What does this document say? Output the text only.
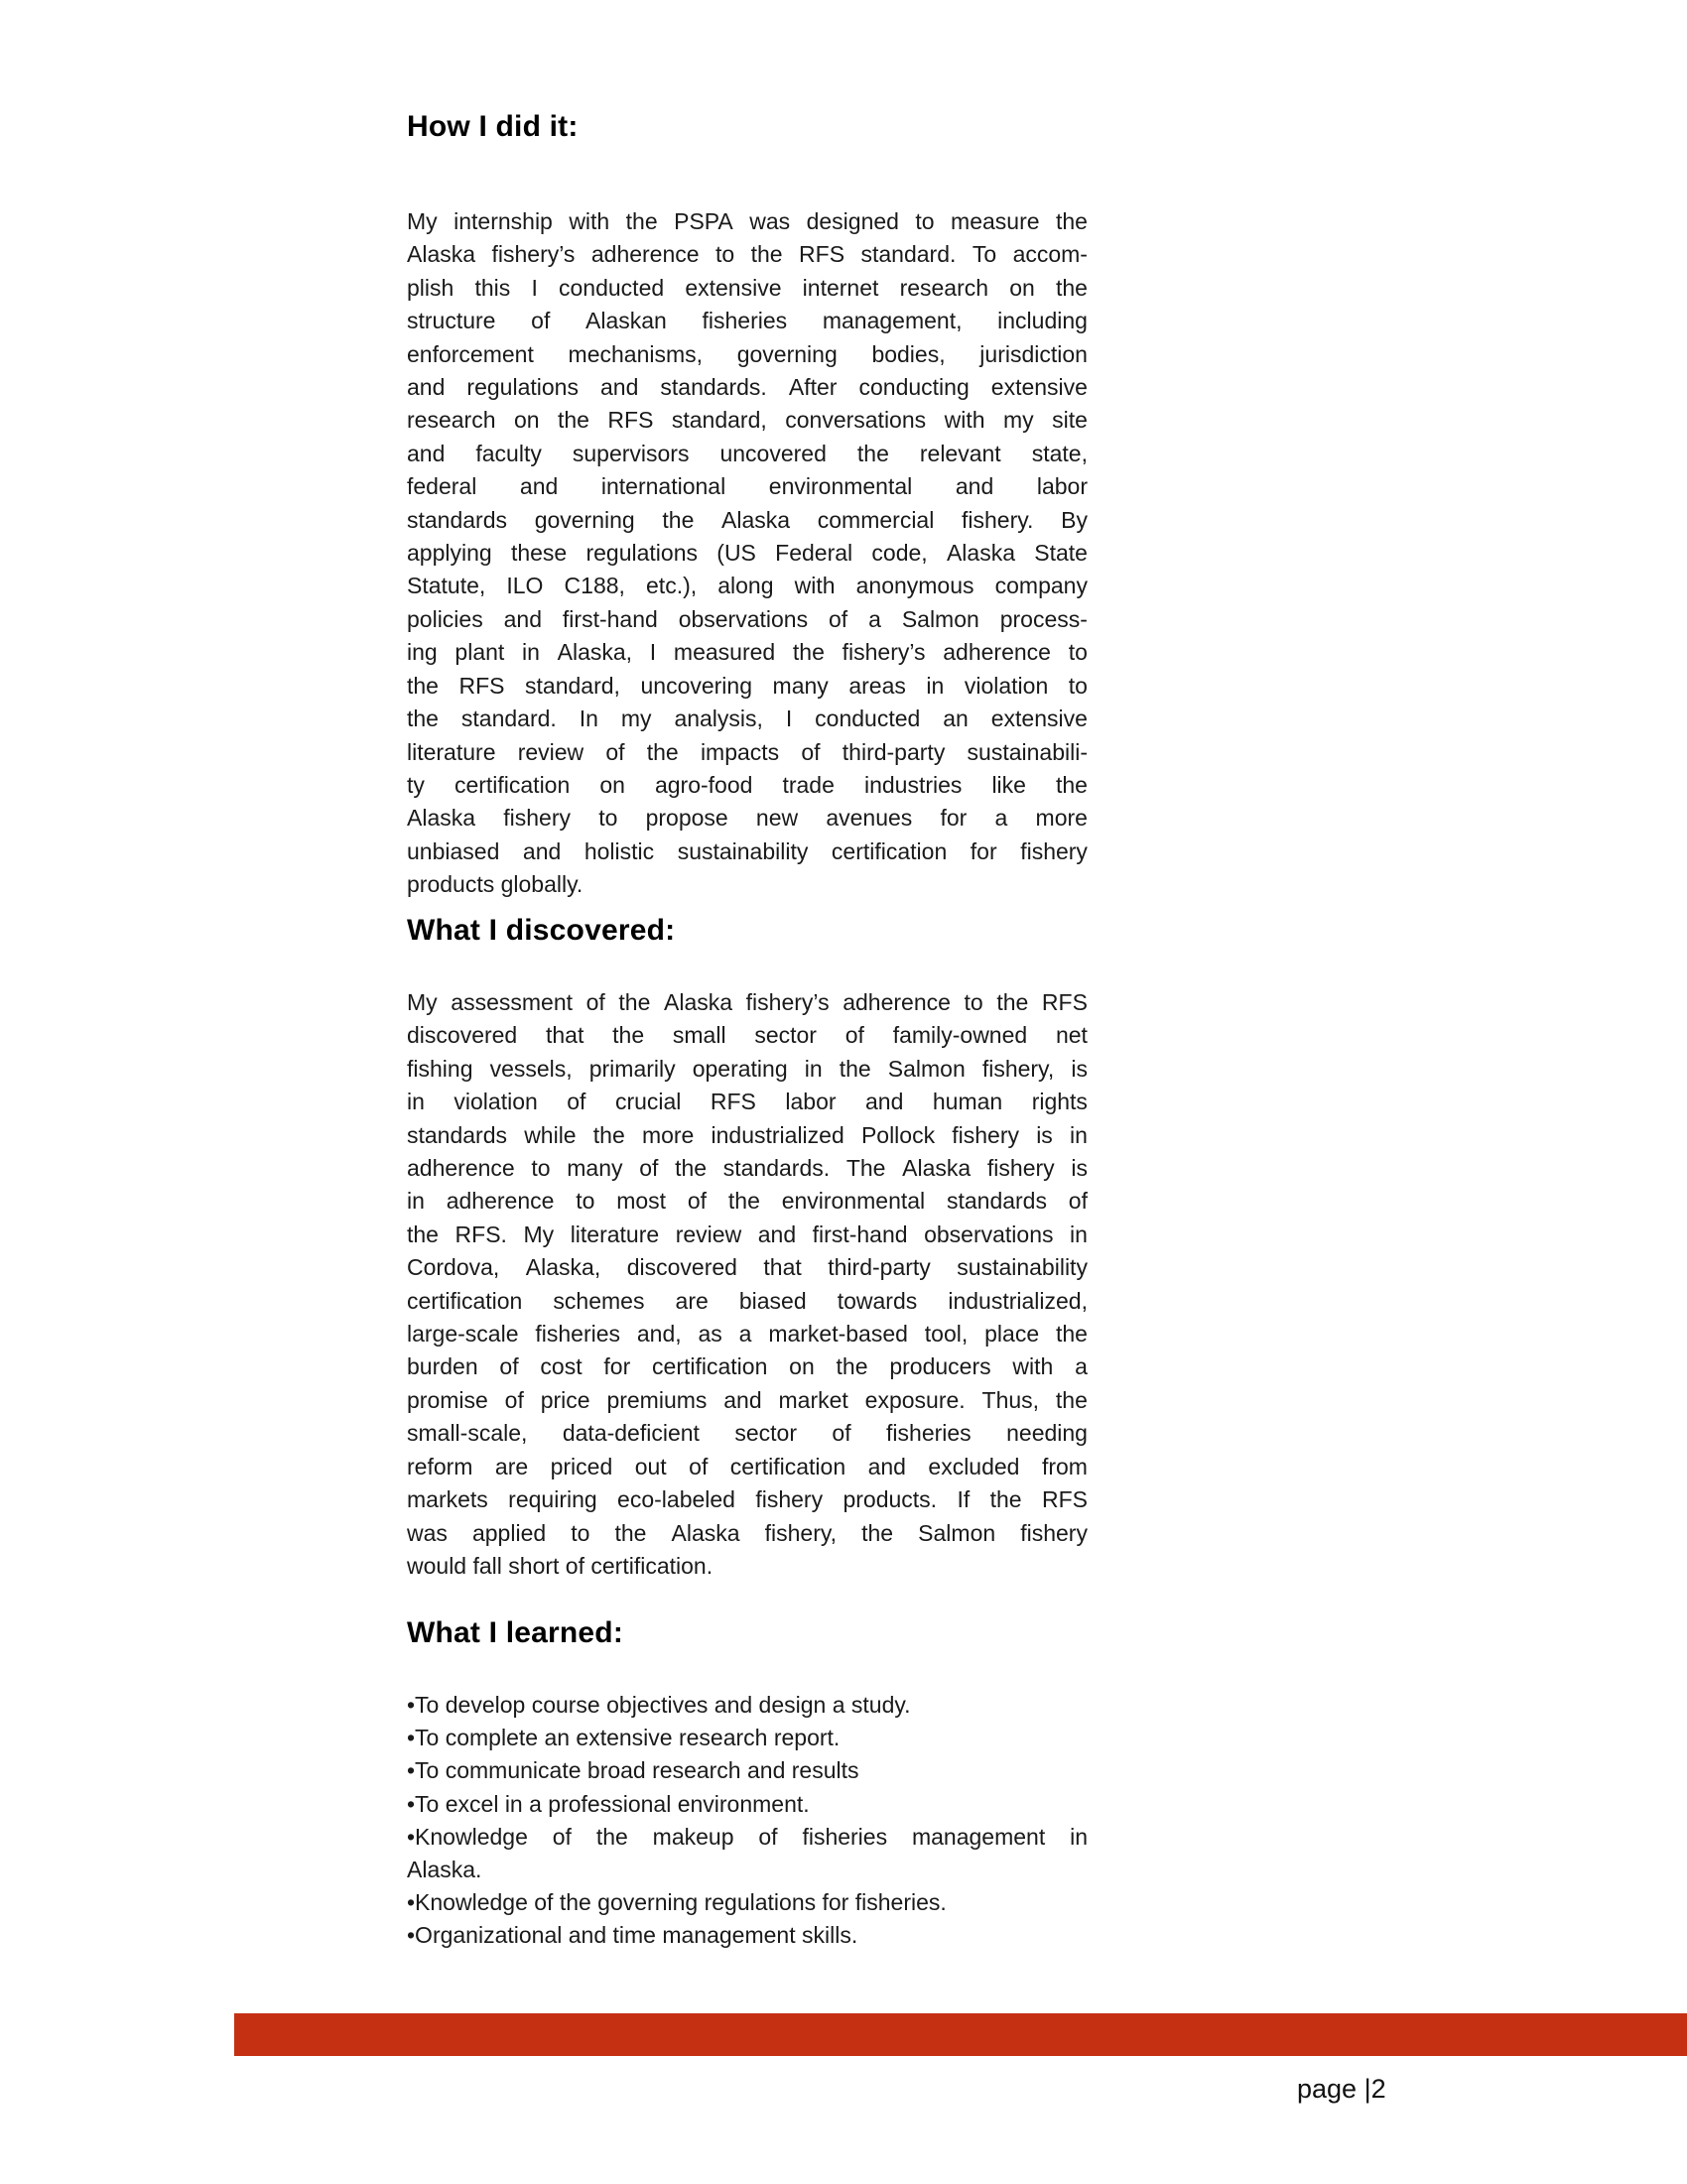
How I did it:
My internship with the PSPA was designed to measure the
Alaska fishery’s adherence to the RFS standard. To accom-
plish this I conducted extensive internet research on the
structure of Alaskan fisheries management, including
enforcement mechanisms, governing bodies, jurisdiction
and regulations and standards. After conducting extensive
research on the RFS standard, conversations with my site
and faculty supervisors uncovered the relevant state,
federal and international environmental and labor
standards governing the Alaska commercial fishery. By
applying these regulations (US Federal code, Alaska State
Statute, ILO C188, etc.), along with anonymous company
policies and first-hand observations of a Salmon process-
ing plant in Alaska, I measured the fishery’s adherence to
the RFS standard, uncovering many areas in violation to
the standard. In my analysis, I conducted an extensive
literature review of the impacts of third-party sustainabili-
ty certification on agro-food trade industries like the
Alaska fishery to propose new avenues for a more
unbiased and holistic sustainability certification for fishery
products globally.
What I discovered:
My assessment of the Alaska fishery’s adherence to the RFS
discovered that the small sector of family-owned net
fishing vessels, primarily operating in the Salmon fishery, is
in violation of crucial RFS labor and human rights
standards while the more industrialized Pollock fishery is in
adherence to many of the standards. The Alaska fishery is
in adherence to most of the environmental standards of
the RFS. My literature review and first-hand observations in
Cordova, Alaska, discovered that third-party sustainability
certification schemes are biased towards industrialized,
large-scale fisheries and, as a market-based tool, place the
burden of cost for certification on the producers with a
promise of price premiums and market exposure. Thus, the
small-scale, data-deficient sector of fisheries needing
reform are priced out of certification and excluded from
markets requiring eco-labeled fishery products. If the RFS
was applied to the Alaska fishery, the Salmon fishery
would fall short of certification.
What I learned:
•To develop course objectives and design a study.
•To complete an extensive research report.
•To communicate broad research and results
•To excel in a professional environment.
•Knowledge of the makeup of fisheries management in
Alaska.
•Knowledge of the governing regulations for fisheries.
•Organizational and time management skills.
page |2
